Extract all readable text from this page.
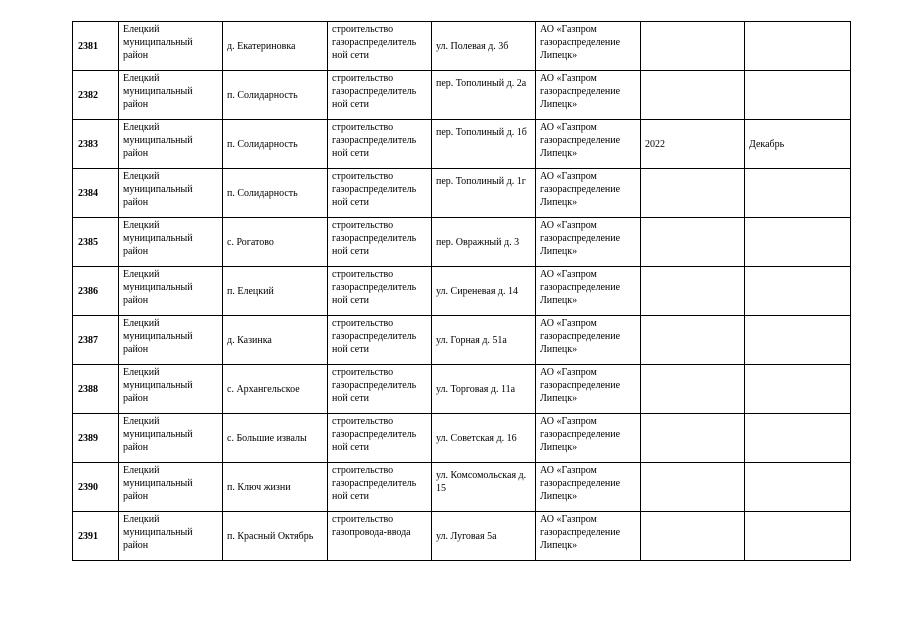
2381	Елецкий муниципальный район	д. Екатериновка	строительство газораспределитель ной сети	ул. Полевая д. 3б	АО «Газпром газораспределение Липецк»		
2382	Елецкий муниципальный район	п. Солидарность	строительство газораспределитель ной сети	пер. Тополиный д. 2а	АО «Газпром газораспределение Липецк»		
2383	Елецкий муниципальный район	п. Солидарность	строительство газораспределитель ной сети	пер. Тополиный д. 1б	АО «Газпром газораспределение Липецк»	2022	Декабрь
2384	Елецкий муниципальный район	п. Солидарность	строительство газораспределитель ной сети	пер. Тополиный д. 1г	АО «Газпром газораспределение Липецк»		
2385	Елецкий муниципальный район	с. Рогатово	строительство газораспределитель ной сети	пер. Овражный д. 3	АО «Газпром газораспределение Липецк»		
2386	Елецкий муниципальный район	п. Елецкий	строительство газораспределитель ной сети	ул. Сиреневая д. 14	АО «Газпром газораспределение Липецк»		
2387	Елецкий муниципальный район	д. Казинка	строительство газораспределитель ной сети	ул. Горная д. 51а	АО «Газпром газораспределение Липецк»		
2388	Елецкий муниципальный район	с. Архангельское	строительство газораспределитель ной сети	ул. Торговая д. 11а	АО «Газпром газораспределение Липецк»		
2389	Елецкий муниципальный район	с. Большие извалы	строительство газораспределитель ной сети	ул. Советская д. 16	АО «Газпром газораспределение Липецк»		
2390	Елецкий муниципальный район	п. Ключ жизни	строительство газораспределитель ной сети	ул. Комсомольская д. 15	АО «Газпром газораспределение Липецк»		
2391	Елецкий муниципальный район	п. Красный Октябрь	строительство газопровода-ввода	ул. Луговая 5а	АО «Газпром газораспределение Липецк»		
